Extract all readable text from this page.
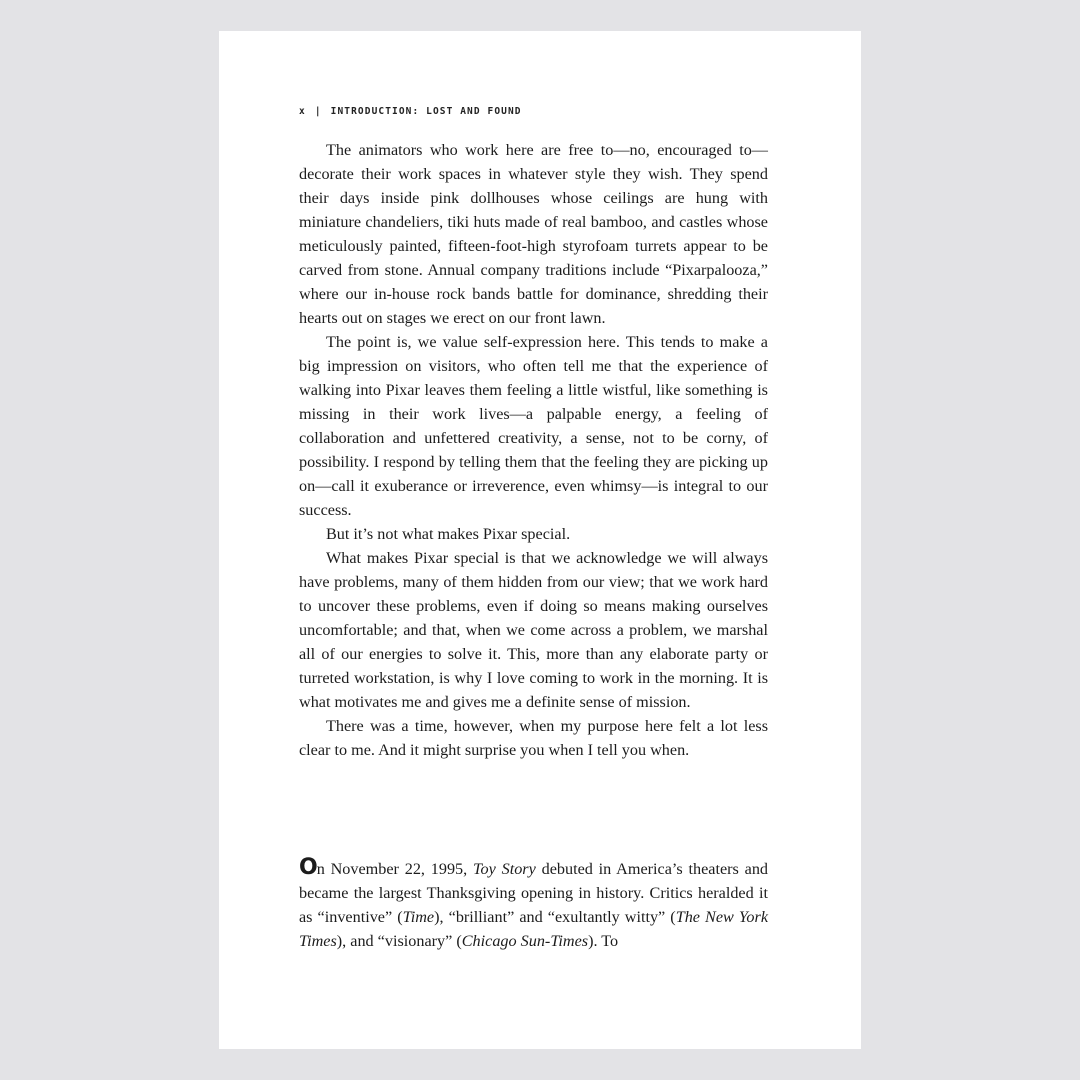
x | INTRODUCTION: LOST AND FOUND

The animators who work here are free to—no, encouraged to—decorate their work spaces in whatever style they wish. They spend their days inside pink dollhouses whose ceilings are hung with miniature chandeliers, tiki huts made of real bamboo, and castles whose meticulously painted, fifteen-foot-high styrofoam turrets appear to be carved from stone. Annual company traditions include “Pixarpalooza,” where our in-house rock bands battle for dominance, shredding their hearts out on stages we erect on our front lawn.

The point is, we value self-expression here. This tends to make a big impression on visitors, who often tell me that the experience of walking into Pixar leaves them feeling a little wistful, like something is missing in their work lives—a palpable energy, a feeling of collaboration and unfettered creativity, a sense, not to be corny, of possibility. I respond by telling them that the feeling they are picking up on—call it exuberance or irreverence, even whimsy—is integral to our success.

But it’s not what makes Pixar special.

What makes Pixar special is that we acknowledge we will always have problems, many of them hidden from our view; that we work hard to uncover these problems, even if doing so means making ourselves uncomfortable; and that, when we come across a problem, we marshal all of our energies to solve it. This, more than any elaborate party or turreted workstation, is why I love coming to work in the morning. It is what motivates me and gives me a definite sense of mission.

There was a time, however, when my purpose here felt a lot less clear to me. And it might surprise you when I tell you when.

On November 22, 1995, Toy Story debuted in America’s theaters and became the largest Thanksgiving opening in history. Critics heralded it as “inventive” (Time), “brilliant” and “exultantly witty” (The New York Times), and “visionary” (Chicago Sun-Times). To
